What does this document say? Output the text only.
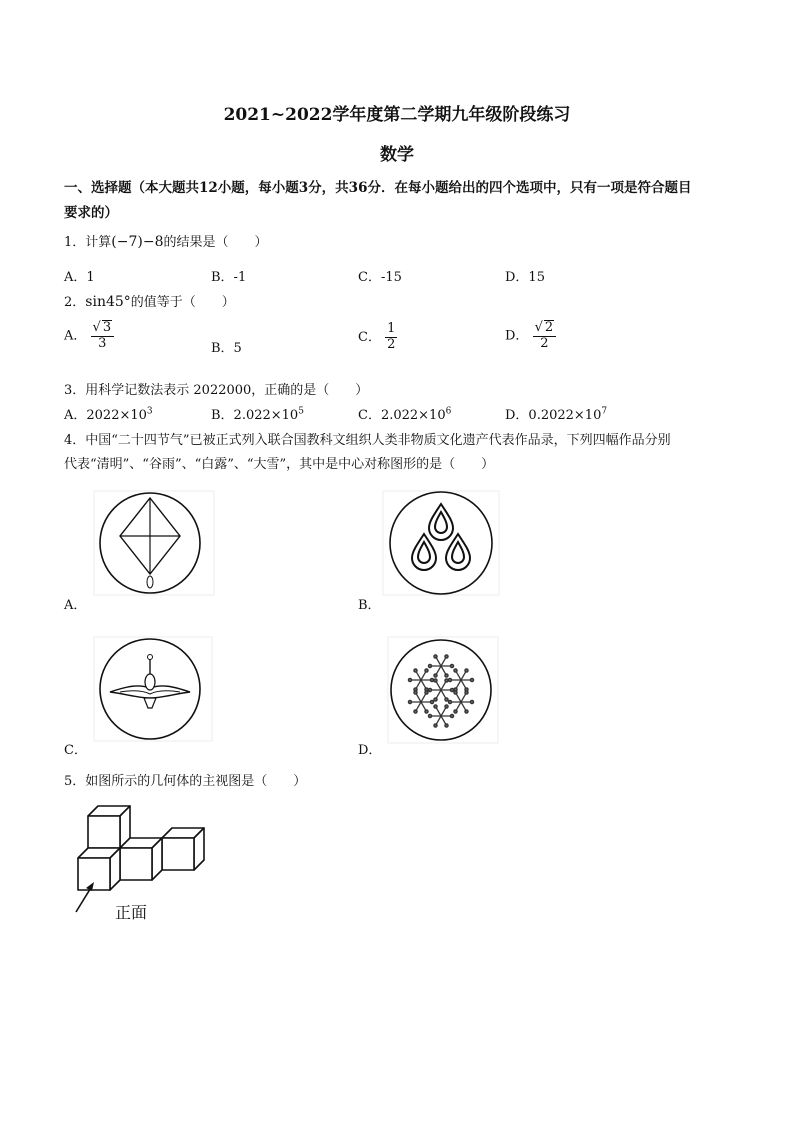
2021~2022学年度第二学期九年级阶段练习
数学
一、选择题（本大题共12小题，每小题3分，共36分．在每小题给出的四个选项中，只有一项是符合题目
要求的）
1．计算(−7)−8的结果是（　　）
A．1	B．-1	C．-15	D．15
2．sin45°的值等于（　　）
A． $\frac{√ 3}{3}$	B．5
C． $\frac{1}{2}$	D． $\frac{√ 2}{2}$
3．用科学记数法表示 2022000，正确的是（　　）
A．$2022\times 10^3$	B．$2.022\times 10^5$	C．$2.022\times 10^6$	D．$0.2022\times 10^7$
4．中国“二十四节气”已被正式列入联合国教科文组织人类非物质文化遗产代表作品录，下列四幅作品分别
代表“清明”、“谷雨”、“白露”、“大雪”，其中是中心对称图形的是（　　）
A．	B．
C．	D．
5．如图所示的几何体的主视图是（　　）
正面
